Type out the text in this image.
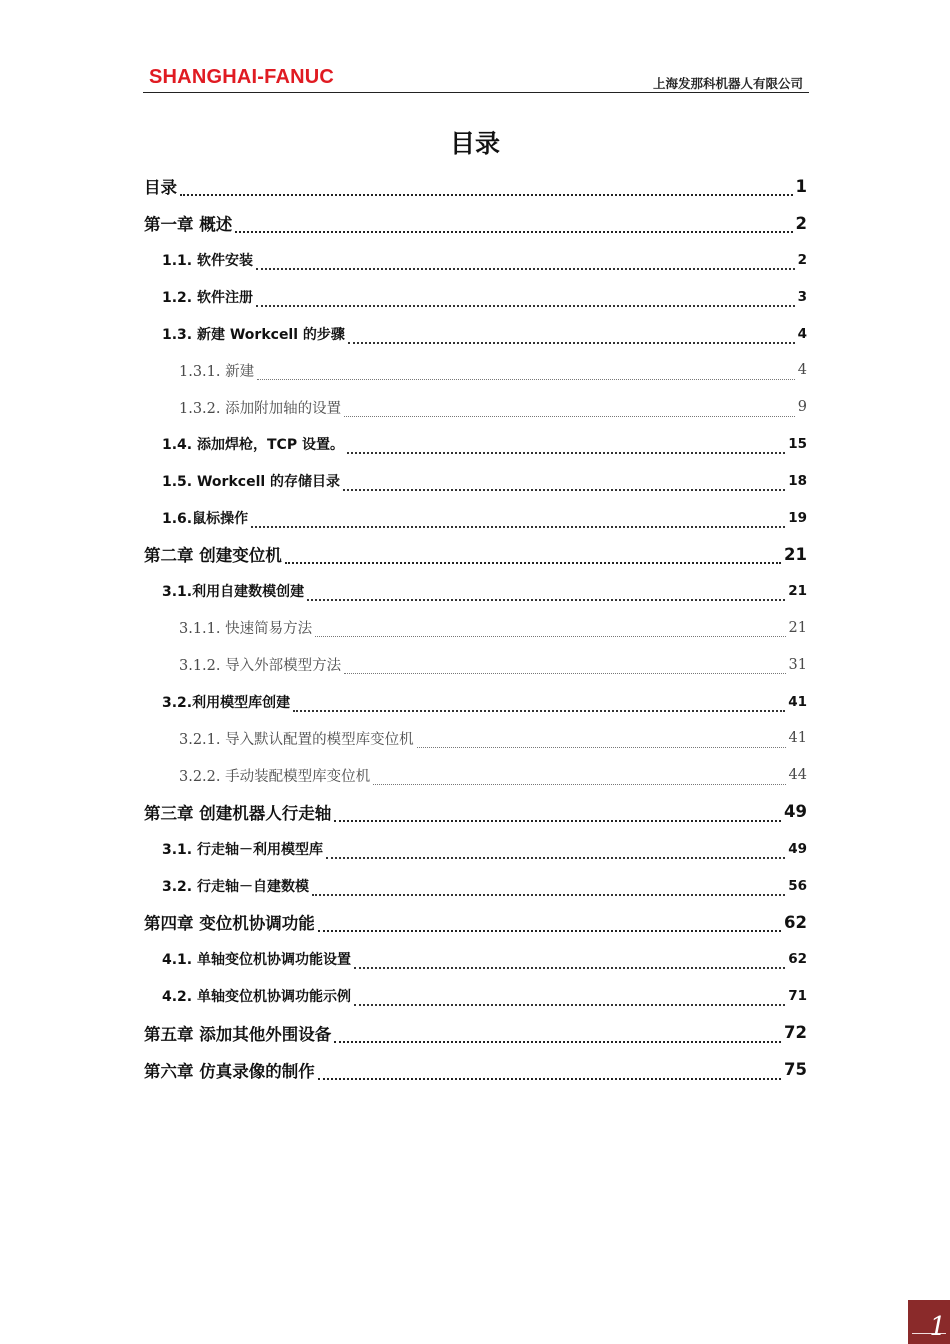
SHANGHAI-FANUC	上海发那科机器人有限公司
目录
目录	1
第一章 概述	2
1.1. 软件安装	2
1.2. 软件注册	3
1.3. 新建 Workcell 的步骤	4
1.3.1. 新建	4
1.3.2. 添加附加轴的设置	9
1.4. 添加焊枪，TCP 设置。	15
1.5. Workcell 的存储目录	18
1.6.鼠标操作	19
第二章 创建变位机	21
3.1.利用自建数模创建	21
3.1.1. 快速简易方法	21
3.1.2. 导入外部模型方法	31
3.2.利用模型库创建	41
3.2.1. 导入默认配置的模型库变位机	41
3.2.2. 手动装配模型库变位机	44
第三章 创建机器人行走轴	49
3.1. 行走轴－利用模型库	49
3.2. 行走轴－自建数模	56
第四章 变位机协调功能	62
4.1. 单轴变位机协调功能设置	62
4.2. 单轴变位机协调功能示例	71
第五章 添加其他外围设备	72
第六章 仿真录像的制作	75
1
